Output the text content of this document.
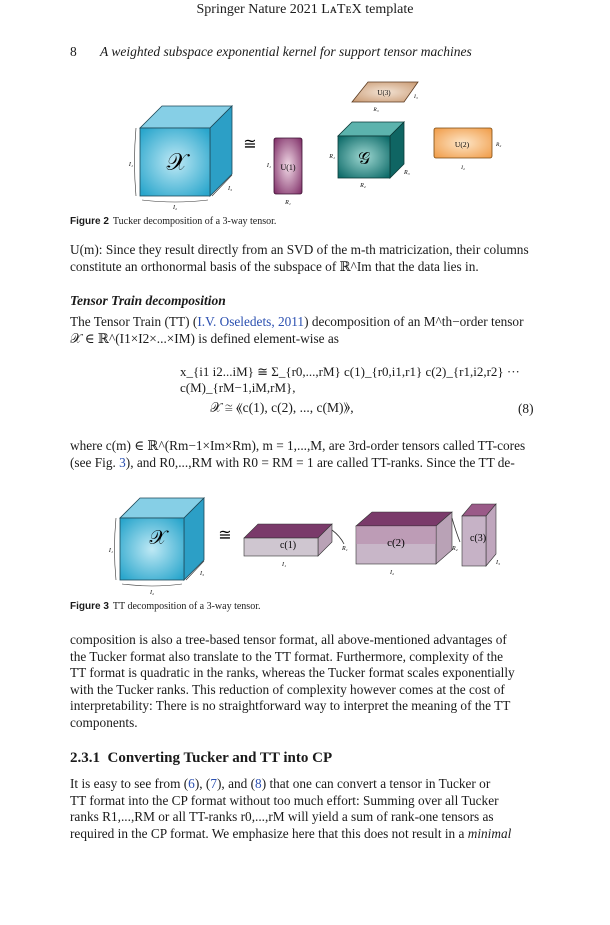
Springer Nature 2021 LᴀTᴇX template
8 A weighted subspace exponential kernel for support tensor machines
𝒳
I₁
I₂
I₃
≅
U(1)
I₁
R₁
𝒢
R₁
R₂
R₃
U(3)	I₃
R₃
U(2)	R₂
I₂
Figure 2 Tucker decomposition of a 3-way tensor.
U(m): Since they result directly from an SVD of the m-th matricization, their columns
constitute an orthonormal basis of the subspace of ℝ^Im that the data lies in.
Tensor Train decomposition
The Tensor Train (TT) (I.V. Oseledets, 2011) decomposition of an M^th−order tensor
𝒳 ∈ ℝ^(I1×I2×...×IM) is defined element-wise as
x_{i1 i2...iM} ≅ Σ_{r0,...,rM} c(1)_{r0,i1,r1} c(2)_{r1,i2,r2} ··· c(M)_{rM−1,iM,rM},
𝒳 ≅ ⟪c(1), c(2), ..., c(M)⟫,	(8)
where c(m) ∈ ℝ^(Rm−1×Im×Rm), m = 1,...,M, are 3rd-order tensors called TT-cores
(see Fig. 3), and R0,...,RM with R0 = RM = 1 are called TT-ranks. Since the TT de-
𝒳
I₁
I₂
I₃
≅
c(1)
I₁
R₁	c(2)
I₂
R₂
c(3)
I₃
Figure 3 TT decomposition of a 3-way tensor.
composition is also a tree-based tensor format, all above-mentioned advantages of
the Tucker format also translate to the TT format. Furthermore, complexity of the
TT format is quadratic in the ranks, whereas the Tucker format scales exponentially
with the Tucker ranks. This reduction of complexity however comes at the cost of
interpretability: There is no straightforward way to interpret the meaning of the TT
components.
2.3.1 Converting Tucker and TT into CP
It is easy to see from (6), (7), and (8) that one can convert a tensor in Tucker or
TT format into the CP format without too much effort: Summing over all Tucker
ranks R1,...,RM or all TT-ranks r0,...,rM will yield a sum of rank-one tensors as
required in the CP format. We emphasize here that this does not result in a minimal
